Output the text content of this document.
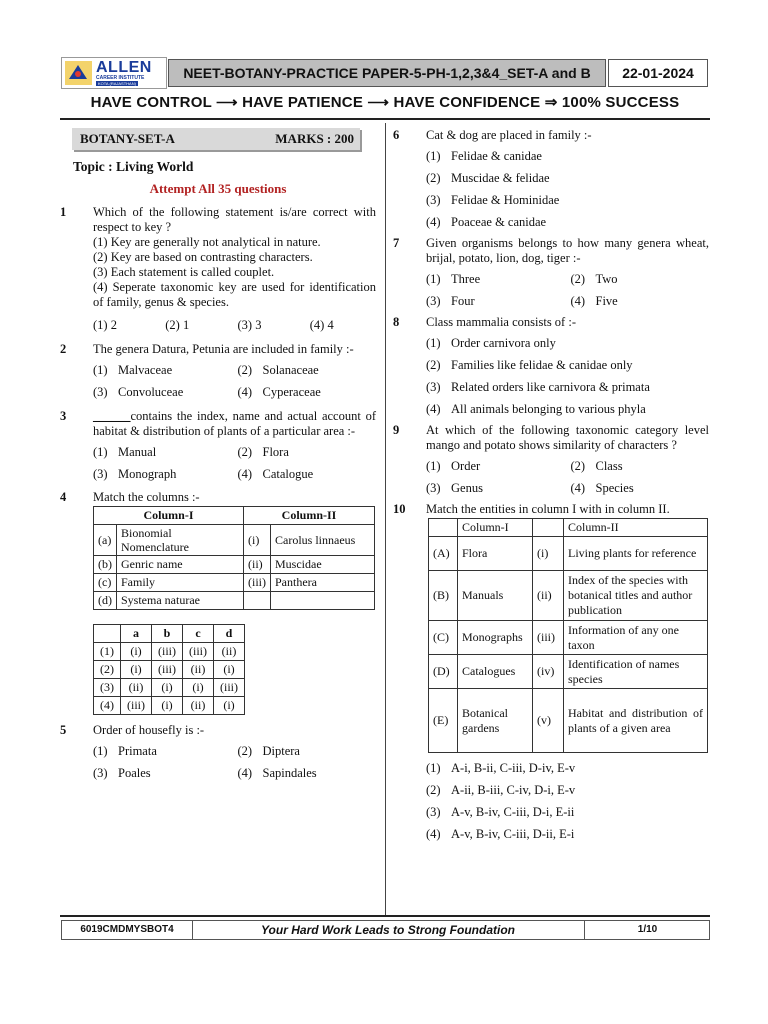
ALLEN
CAREER INSTITUTE
KOTA (RAJASTHAN)
NEET-BOTANY-PRACTICE PAPER-5-PH-1,2,3&4_SET-A and B	22-01-2024
HAVE CONTROL ⟶ HAVE PATIENCE ⟶ HAVE CONFIDENCE ⇒ 100% SUCCESS
BOTANY-SET-A	MARKS : 200
Topic : Living World
Attempt All 35 questions
1 Which of the following statement is/are correct with respect to key ?
(1) Key are generally not analytical in nature.
(2) Key are based on contrasting characters.
(3) Each statement is called couplet.
(4) Seperate taxonomic key are used for identification of family, genus & species.
(1) 2	(2) 1	(3) 3	(4) 4
2 The genera Datura, Petunia are included in family :-
(1) Malvaceae	(2) Solanaceae
(3) Convoluceae	(4) Cyperaceae
3 ______contains the index, name and actual account of habitat & distribution of plants of a particular area :-
(1) Manual	(2) Flora
(3) Monograph	(4) Catalogue
4 Match the columns :-
Column-I		Column-II	
(a)	Bionomial Nomenclature	(i)	Carolus linnaeus
(b)	Genric name	(ii)	Muscidae
(c)	Family	(iii)	Panthera
(d)	Systema naturae		
	a	b	c	d
(1)	(i)	(iii)	(iii)	(ii)
(2)	(i)	(iii)	(ii)	(i)
(3)	(ii)	(i)	(i)	(iii)
(4)	(iii)	(i)	(ii)	(i)
5 Order of housefly is :-
(1) Primata	(2) Diptera
(3) Poales	(4) Sapindales
6 Cat & dog are placed in family :-
(1) Felidae & canidae
(2) Muscidae & felidae
(3) Felidae & Hominidae
(4) Poaceae & canidae
7 Given organisms belongs to how many genera wheat, brijal, potato, lion, dog, tiger :-
(1) Three	(2) Two
(3) Four	(4) Five
8 Class mammalia consists of :-
(1) Order carnivora only
(2) Families like felidae & canidae only
(3) Related orders like carnivora & primata
(4) All animals belonging to various phyla
9 At which of the following taxonomic category level mango and potato shows similarity of characters ?
(1) Order	(2) Class
(3) Genus	(4) Species
10 Match the entities in column I with in column II.
	Column-I		Column-II
(A)	Flora	(i)	Living plants for reference
(B)	Manuals	(ii)	Index of the species with botanical titles and author publication
(C)	Monographs	(iii)	Information of any one taxon
(D)	Catalogues	(iv)	Identification of names species
(E)	Botanical gardens	(v)	Habitat and distribution of plants of a given area
(1) A-i, B-ii, C-iii, D-iv, E-v
(2) A-ii, B-iii, C-iv, D-i, E-v
(3) A-v, B-iv, C-iii, D-i, E-ii
(4) A-v, B-iv, C-iii, D-ii, E-i
6019CMDMYSBOT4	Your Hard Work Leads to Strong Foundation	1/10
